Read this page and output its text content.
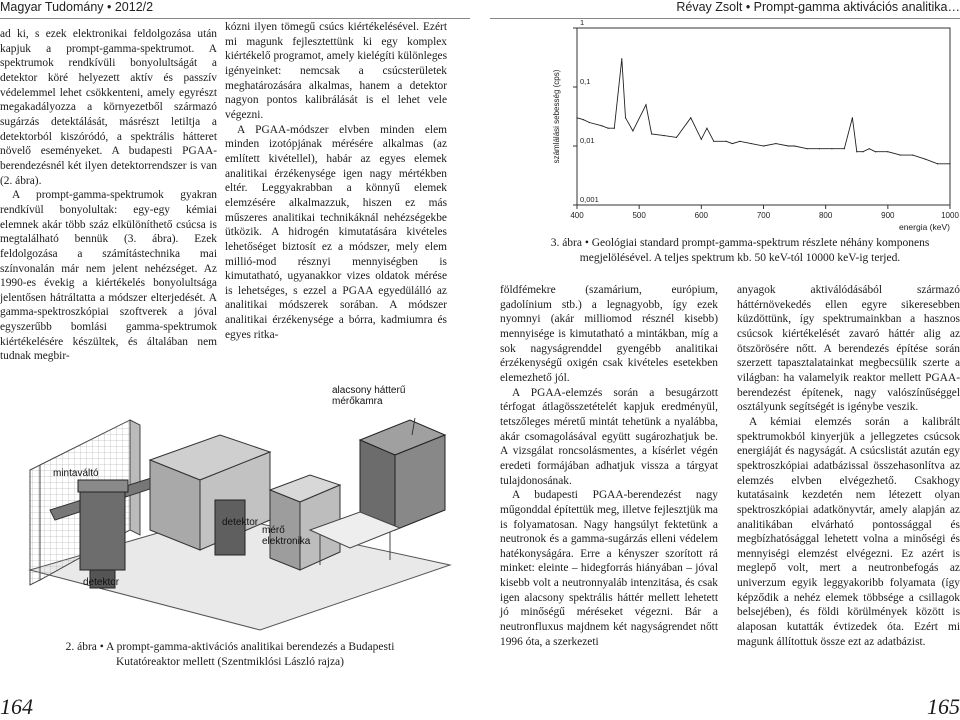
Magyar Tudomány • 2012/2	Révay Zsolt • Prompt-gamma aktivációs analitika…

ad ki, s ezek elektronikai feldolgozása után kapjuk a prompt-gamma-spektrumot. A spektrumok rendkívüli bonyolultságát a detektor köré helyezett aktív és passzív védelemmel lehet csökkenteni, amely egyrészt megakadályozza a környezetből származó sugárzás detektálását, másrészt letiltja a detektorból kiszóródó, a spektrális hátteret növelő eseményeket. A budapesti PGAA-berendezésnél két ilyen detektorrendszer is van (2. ábra).

A prompt-gamma-spektrumok gyakran rendkívül bonyolultak: egy-egy kémiai elemnek akár több száz elkülöníthető csúcsa is megtalálható bennük (3. ábra). Ezek feldolgozása a számítástechnika mai színvonalán már nem jelent nehézséget. Az 1990-es évekig a kiértékelés bonyolultsága jelentősen hátráltatta a módszer elterjedését. A gamma-spektroszkópiai szoftverek a jóval egyszerűbb bomlási gamma-spektrumok kiértékelésére készültek, és általában nem tudnak megbir-

kózni ilyen tömegű csúcs kiértékelésével. Ezért mi magunk fejlesztettünk ki egy komplex kiértékelő programot, amely kielégíti különleges igényeinket: nemcsak a csúcsterületek meghatározására alkalmas, hanem a detektor nagyon pontos kalibrálását is el lehet vele végezni.

A PGAA-módszer elvben minden elem minden izotópjának mérésére alkalmas (az említett kivétellel), habár az egyes elemek analitikai érzékenysége igen nagy mértékben eltér. Leggyakrabban a könnyű elemek elemzésére alkalmazzuk, hiszen ez más műszeres analitikai technikáknál nehézségekbe ütközik. A hidrogén kimutatására kivételes lehetőséget biztosít ez a módszer, mely elem millió-mod résznyi mennyiségben is kimutatható, ugyanakkor vizes oldatok mérése is lehetséges, s ezzel a PGAA egyedülálló az analitikai módszerek sorában. A módszer analitikai érzékenysége a bórra, kadmiumra és egyes ritka-

alacsony hátterű mérőkamra
mintaváltó
detektor
mérő elektronika
detektor
2. ábra • A prompt-gamma-aktivációs analitikai berendezés a Budapesti Kutatóreaktor mellett (Szentmiklósi László rajza)
0,001
0,01
0,1
1
400	500	600	700	800	900	1000
energia (keV)
számlálási sebesség (cps)
3. ábra • Geológiai standard prompt-gamma-spektrum részlete néhány komponens megjelölésével. A teljes spektrum kb. 50 keV-tól 10000 keV-ig terjed.

földfémekre (szamárium, európium, gadolínium stb.) a legnagyobb, így ezek nyomnyi (akár milliomod résznél kisebb) mennyisége is kimutatható a mintákban, míg a sok nagyságrenddel gyengébb analitikai érzékenységű oxigén csak kivételes esetekben elemezhető jól.

A PGAA-elemzés során a besugárzott térfogat átlagösszetételét kapjuk eredményül, tetszőleges méretű mintát tehetünk a nyalábba, akár csomagolásával együtt sugározhatjuk be. A vizsgálat roncsolásmentes, a kísérlet végén eredeti formájában adhatjuk vissza a tárgyat tulajdonosának.

A budapesti PGAA-berendezést nagy műgonddal építettük meg, illetve fejlesztjük ma is folyamatosan. Nagy hangsúlyt fektetünk a neutronok és a gamma-sugárzás elleni védelem hatékonyságára. Erre a kényszer szorított rá minket: eleinte – hidegforrás hiányában – jóval kisebb volt a neutronnyaláb intenzitása, és csak igen alacsony spektrális háttér mellett lehetett jó minőségű méréseket végezni. Bár a neutronfluxus majdnem két nagyságrendet nőtt 1996 óta, a szerkezeti

anyagok aktiválódásából származó háttérnövekedés ellen egyre sikeresebben küzdöttünk, így spektrumainkban a hasznos csúcsok kiértékelését zavaró háttér alig az ötszörösére nőtt. A berendezés építése során szerzett tapasztalatainkat megbecsülik szerte a világban: ha valamelyik reaktor mellett PGAA-berendezést építenek, nagy valószínűséggel osztályunk segítségét is igénybe veszik.

A kémiai elemzés során a kalibrált spektrumokból kinyerjük a jellegzetes csúcsok energiáját és nagyságát. A csúcslistát azután egy spektroszkópiai adatbázissal összehasonlítva az elemzés elvben elvégezhető. Csakhogy kutatásaink kezdetén nem létezett olyan spektroszkópiai adatkönyvtár, amely alapján az analitikában elvárható pontossággal és megbízhatósággal lehetett volna a minőségi és mennyiségi elemzést elvégezni. Ez azért is meglepő volt, mert a neutronbefogás az univerzum egyik leggyakoribb folyamata (így képződik a nehéz elemek többsége a csillagok belsejében), és földi körülmények között is alaposan kutatták évtizedek óta. Ezért mi magunk állítottuk össze ezt az adatbázist.

164	165
